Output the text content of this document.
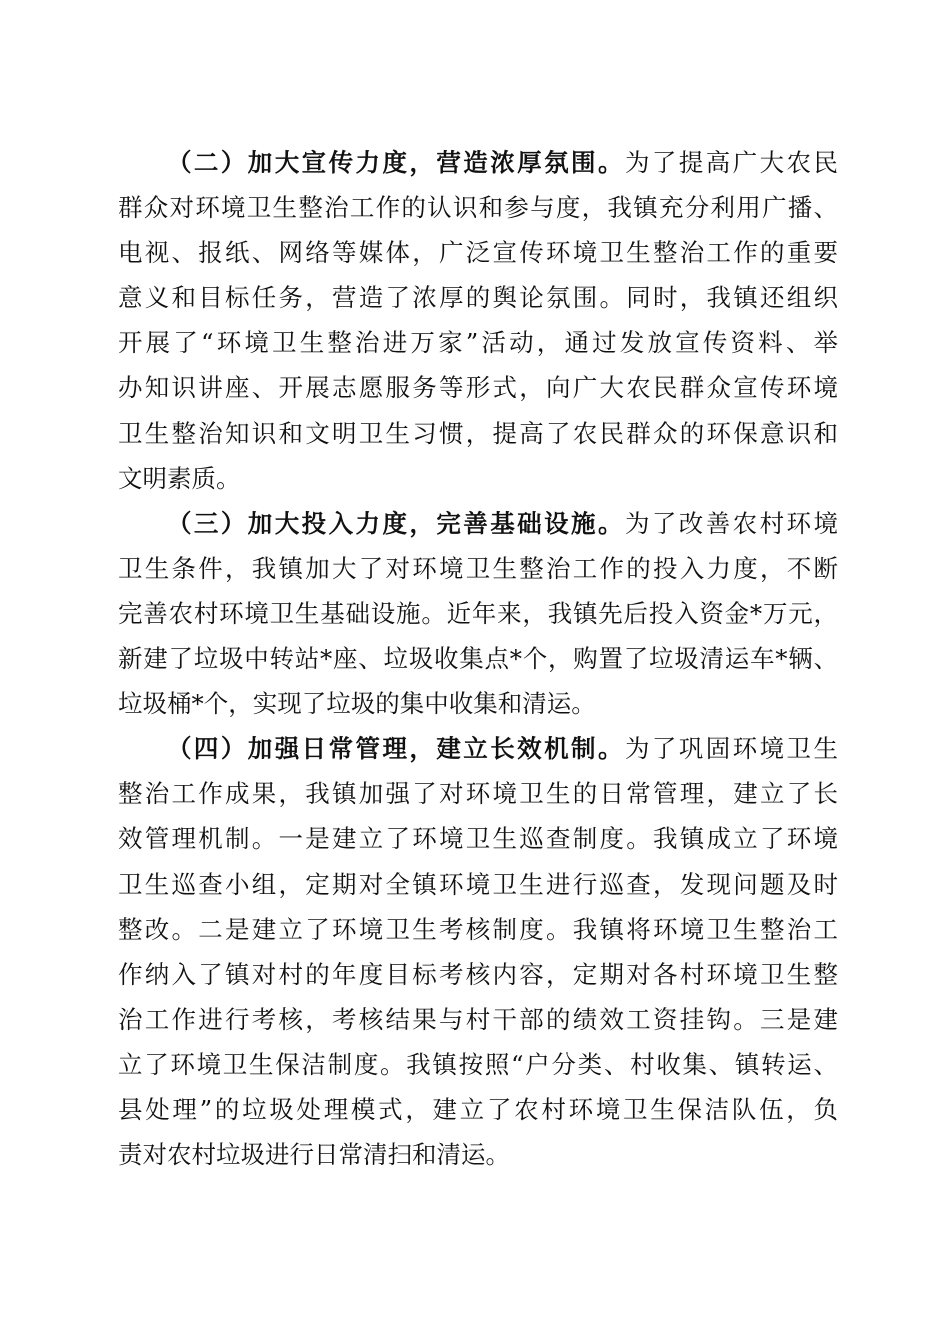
（二）加大宣传力度，营造浓厚氛围。为了提高广大农民
群众对环境卫生整治工作的认识和参与度，我镇充分利用广播、
电视、报纸、网络等媒体，广泛宣传环境卫生整治工作的重要
意义和目标任务，营造了浓厚的舆论氛围。同时，我镇还组织
开展了“环境卫生整治进万家”活动，通过发放宣传资料、举
办知识讲座、开展志愿服务等形式，向广大农民群众宣传环境
卫生整治知识和文明卫生习惯，提高了农民群众的环保意识和
文明素质。
（三）加大投入力度，完善基础设施。为了改善农村环境
卫生条件，我镇加大了对环境卫生整治工作的投入力度，不断
完善农村环境卫生基础设施。近年来，我镇先后投入资金*万元，
新建了垃圾中转站*座、垃圾收集点*个，购置了垃圾清运车*辆、
垃圾桶*个，实现了垃圾的集中收集和清运。
（四）加强日常管理，建立长效机制。为了巩固环境卫生
整治工作成果，我镇加强了对环境卫生的日常管理，建立了长
效管理机制。一是建立了环境卫生巡查制度。我镇成立了环境
卫生巡查小组，定期对全镇环境卫生进行巡查，发现问题及时
整改。二是建立了环境卫生考核制度。我镇将环境卫生整治工
作纳入了镇对村的年度目标考核内容，定期对各村环境卫生整
治工作进行考核，考核结果与村干部的绩效工资挂钩。三是建
立了环境卫生保洁制度。我镇按照“户分类、村收集、镇转运、
县处理”的垃圾处理模式，建立了农村环境卫生保洁队伍，负
责对农村垃圾进行日常清扫和清运。
